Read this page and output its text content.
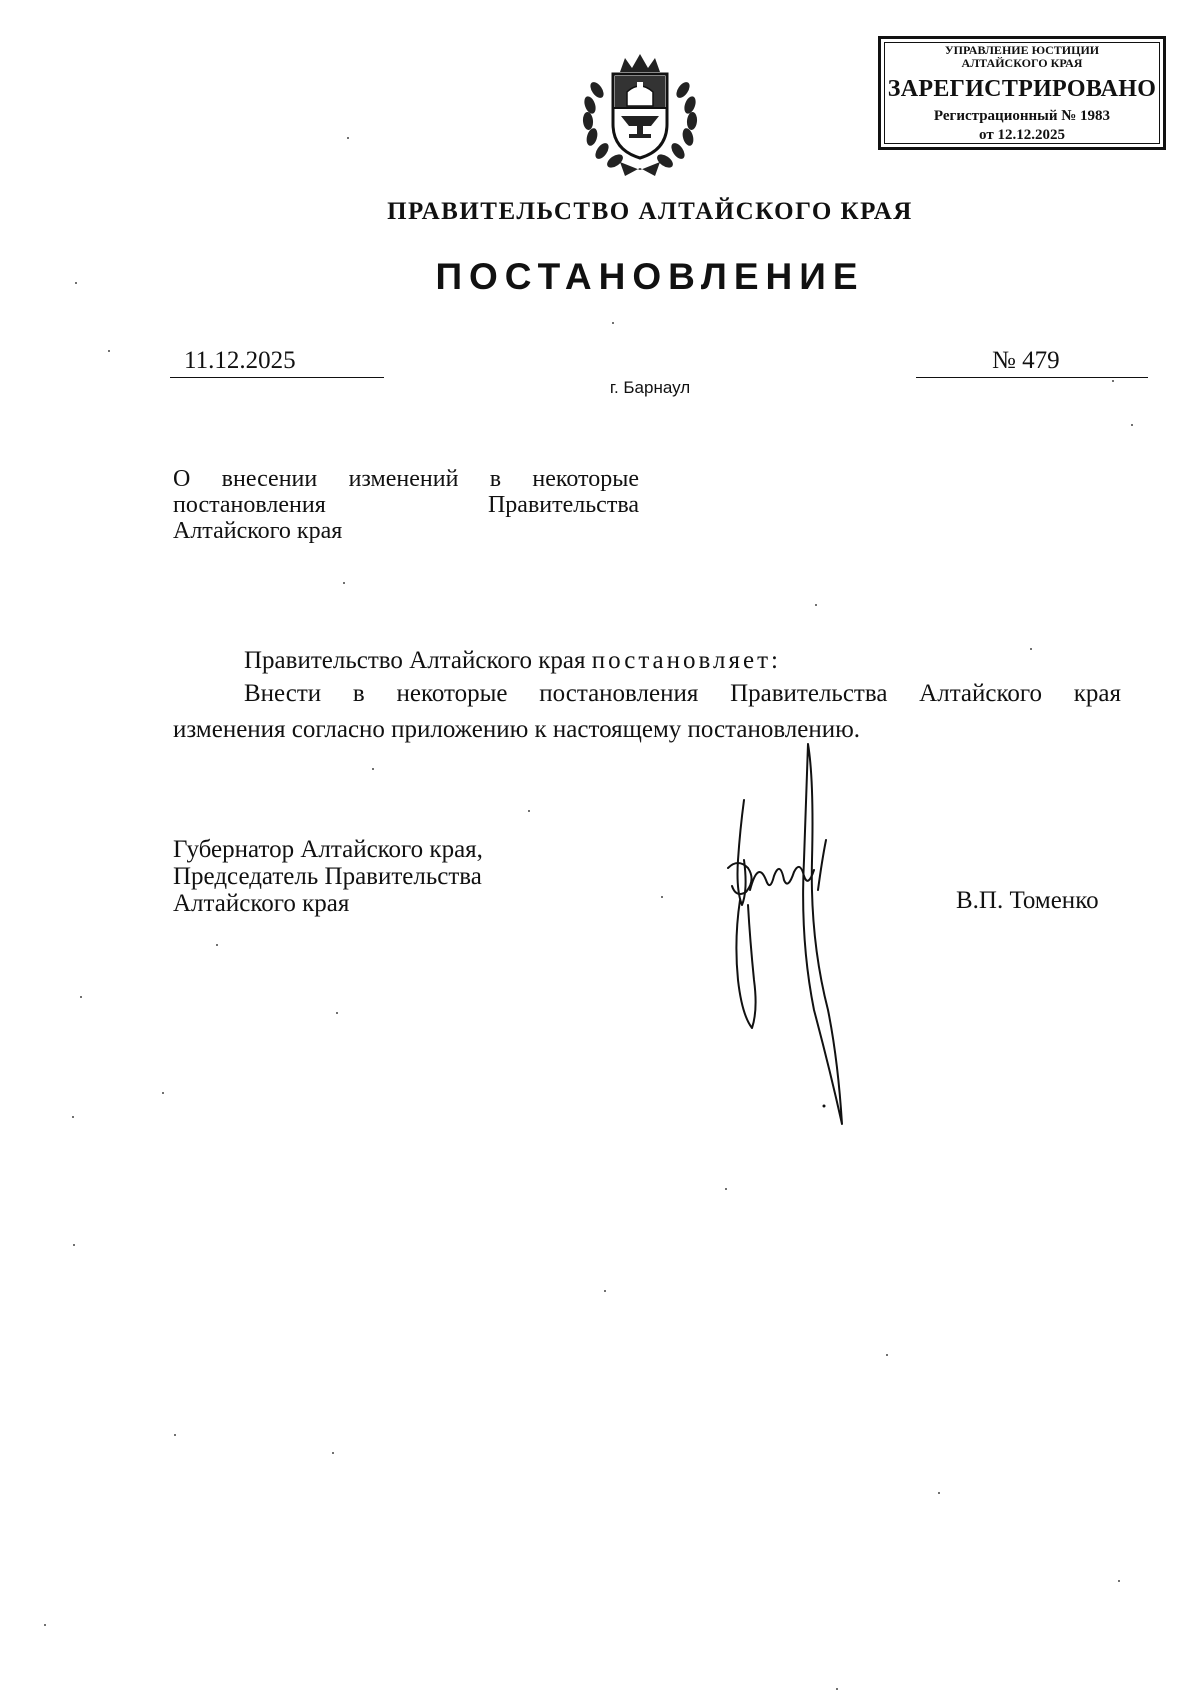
УПРАВЛЕНИЕ ЮСТИЦИИ
АЛТАЙСКОГО КРАЯ
ЗАРЕГИСТРИРОВАНО
Регистрационный № 1983
от 12.12.2025
ПРАВИТЕЛЬСТВО АЛТАЙСКОГО КРАЯ
ПОСТАНОВЛЕНИЕ
11.12.2025	№ 479
г. Барнаул
О внесении изменений в некоторые
постановления Правительства
Алтайского края
Правительство Алтайского края постановляет:
Внести в некоторые постановления Правительства Алтайского края
изменения согласно приложению к настоящему постановлению.
Губернатор Алтайского края,
Председатель Правительства
Алтайского края	В.П. Томенко
